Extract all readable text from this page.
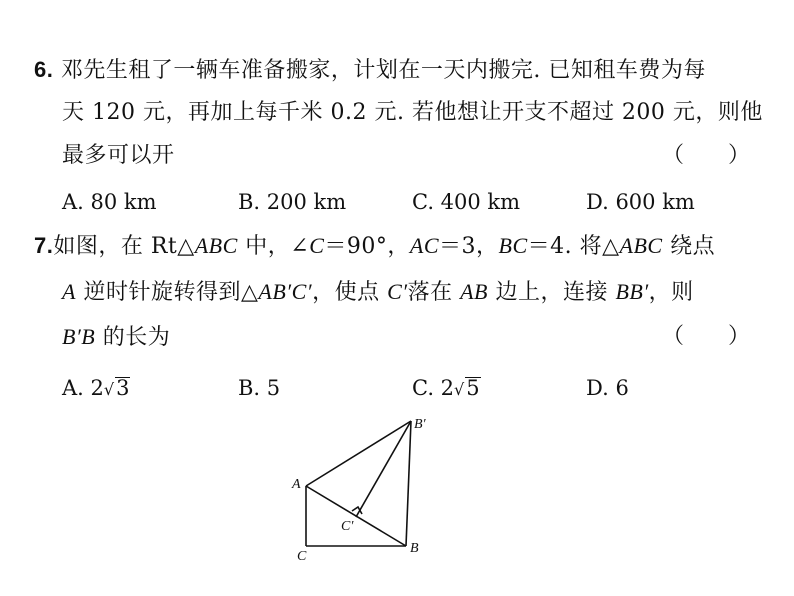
6. 邓先生租了一辆车准备搬家，计划在一天内搬完. 已知租车费为每
天 120 元，再加上每千米 0.2 元. 若他想让开支不超过 200 元，则他
最多可以开	（　　）
A. 80 km	B. 200 km	C. 400 km	D. 600 km
7.如图，在 Rt△ABC 中，∠C＝90°，AC＝3，BC＝4. 将△ABC 绕点
A 逆时针旋转得到△AB′C′，使点 C′落在 AB 边上，连接 BB′，则
B′B 的长为	（　　）
A. 2√3	B. 5	C. 2√5	D. 6
B′
A
C′
C
B
